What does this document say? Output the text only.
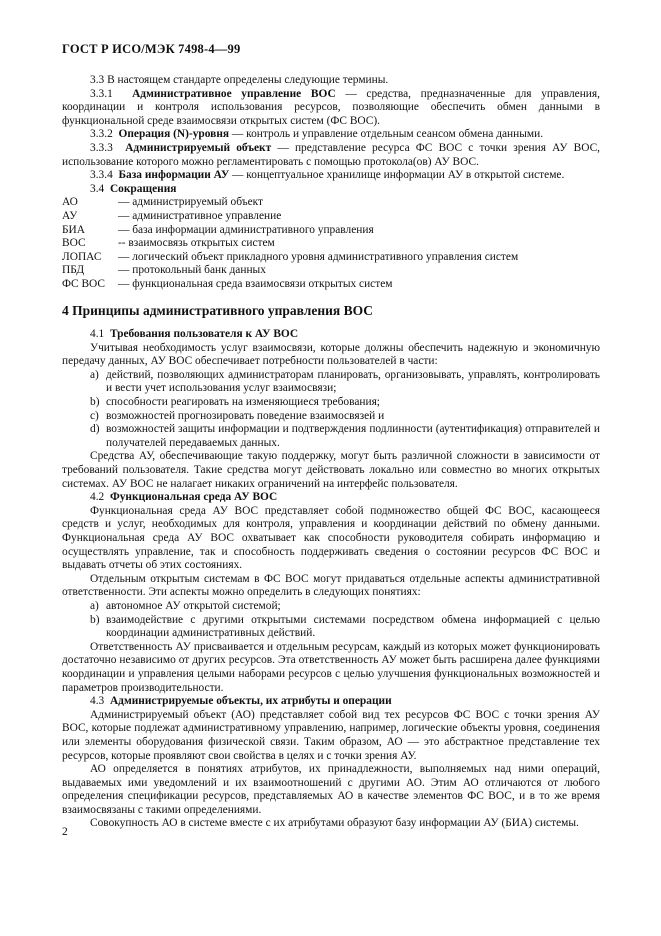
ГОСТ Р ИСО/МЭК 7498-4—99

3.3 В настоящем стандарте определены следующие термины.

3.3.1 Административное управление ВОС — средства, предназначенные для управления, координации и контроля использования ресурсов, позволяющие обеспечить обмен данными в функциональной среде взаимосвязи открытых систем (ФС ВОС).

3.3.2 Операция (N)-уровня — контроль и управление отдельным сеансом обмена данными.

3.3.3 Администрируемый объект — представление ресурса ФС ВОС с точки зрения АУ ВОС, использование которого можно регламентировать с помощью протокола(ов) АУ ВОС.

3.3.4 База информации АУ — концептуальное хранилище информации АУ в открытой системе.

3.4 Сокращения

АО	— администрируемый объект
АУ	— административное управление
БИА	— база информации административного управления
ВОС	-- взаимосвязь открытых систем
ЛОПАС	— логический объект прикладного уровня административного управления систем
ПБД	— протокольный банк данных
ФС ВОС	— функциональная среда взаимосвязи открытых систем
4 Принципы административного управления ВОС

4.1 Требования пользователя к АУ ВОС

Учитывая необходимость услуг взаимосвязи, которые должны обеспечить надежную и экономичную передачу данных, АУ ВОС обеспечивает потребности пользователей в части:

a) действий, позволяющих администраторам планировать, организовывать, управлять, контролировать и вести учет использования услуг взаимосвязи;
b) способности реагировать на изменяющиеся требования;
c) возможностей прогнозировать поведение взаимосвязей и
d) возможностей защиты информации и подтверждения подлинности (аутентификация) отправителей и получателей передаваемых данных.

Средства АУ, обеспечивающие такую поддержку, могут быть различной сложности в зависимости от требований пользователя. Такие средства могут действовать локально или совместно во многих открытых системах. АУ ВОС не налагает никаких ограничений на интерфейс пользователя.

4.2 Функциональная среда АУ ВОС

Функциональная среда АУ ВОС представляет собой подмножество общей ФС ВОС, касающееся средств и услуг, необходимых для контроля, управления и координации действий по обмену данными. Функциональная среда АУ ВОС охватывает как способности руководителя собирать информацию и осуществлять управление, так и способность поддерживать сведения о состоянии ресурсов ФС ВОС и выдавать отчеты об этих состояниях.

Отдельным открытым системам в ФС ВОС могут придаваться отдельные аспекты административной ответственности. Эти аспекты можно определить в следующих понятиях:

a) автономное АУ открытой системой;
b) взаимодействие с другими открытыми системами посредством обмена информацией с целью координации административных действий.

Ответственность АУ присваивается и отдельным ресурсам, каждый из которых может функционировать достаточно независимо от других ресурсов. Эта ответственность АУ может быть расширена далее функциями координации и управления целыми наборами ресурсов с целью улучшения функциональных возможностей и параметров производительности.

4.3 Администрируемые объекты, их атрибуты и операции

Администрируемый объект (АО) представляет собой вид тех ресурсов ФС ВОС с точки зрения АУ ВОС, которые подлежат административному управлению, например, логические объекты уровня, соединения или элементы оборудования физической связи. Таким образом, АО — это абстрактное представление тех ресурсов, которые проявляют свои свойства в целях и с точки зрения АУ.

АО определяется в понятиях атрибутов, их принадлежности, выполняемых над ними операций, выдаваемых ими уведомлений и их взаимоотношений с другими АО. Этим АО отличаются от любого определения спецификации ресурсов, представляемых АО в качестве элементов ФС ВОС, и в то же время взаимосвязаны с такими определениями.

Совокупность АО в системе вместе с их атрибутами образуют базу информации АУ (БИА) системы.

2
